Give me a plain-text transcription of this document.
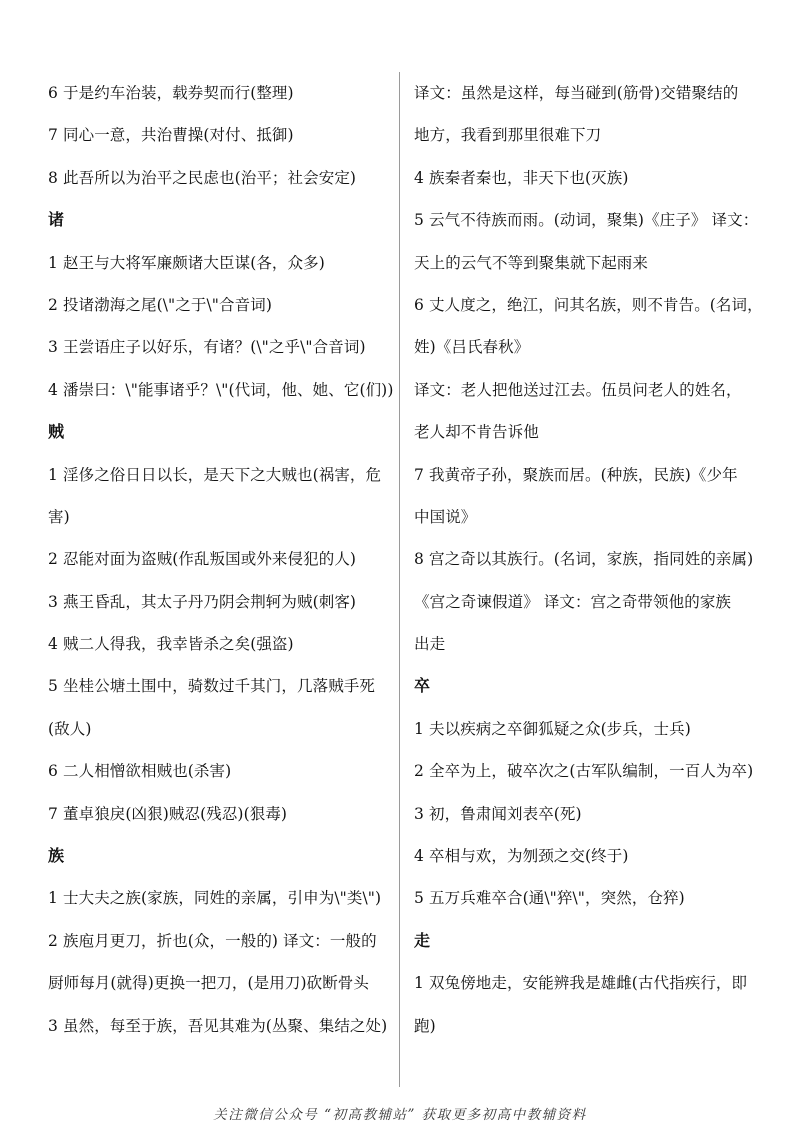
6 于是约车治装，载券契而行(整理)
7 同心一意，共治曹操(对付、抵御)
8 此吾所以为治平之民虑也(治平；社会安定)
诸
1 赵王与大将军廉颇诸大臣谋(各，众多)
2 投诸渤海之尾(\"之于\"合音词)
3 王尝语庄子以好乐，有诸？(\"之乎\"合音词)
4 潘崇曰：\"能事诸乎？\"(代词，他、她、它(们))
贼
1 淫侈之俗日日以长，是天下之大贼也(祸害，危
害)
2 忍能对面为盗贼(作乱叛国或外来侵犯的人)
3 燕王昏乱，其太子丹乃阴会荆轲为贼(刺客)
4 贼二人得我，我幸皆杀之矣(强盗)
5 坐桂公塘土围中，骑数过千其门，几落贼手死
(敌人)
6 二人相憎欲相贼也(杀害)
7 董卓狼戾(凶狠)贼忍(残忍)(狠毒)
族
1 士大夫之族(家族，同姓的亲属，引申为\"类\")
2 族庖月更刀，折也(众，一般的) 译文：一般的
厨师每月(就得)更换一把刀，(是用刀)砍断骨头
3 虽然，每至于族，吾见其难为(丛聚、集结之处)
译文：虽然是这样，每当碰到(筋骨)交错聚结的
地方，我看到那里很难下刀
4 族秦者秦也，非天下也(灭族)
5 云气不待族而雨。(动词，聚集)《庄子》 译文：
天上的云气不等到聚集就下起雨来
6 丈人度之，绝江，问其名族，则不肯告。(名词，
姓)《吕氏春秋》
译文：老人把他送过江去。伍员问老人的姓名，
老人却不肯告诉他
7 我黄帝子孙，聚族而居。(种族，民族)《少年
中国说》
8 宫之奇以其族行。(名词，家族，指同姓的亲属)
《宫之奇谏假道》 译文：宫之奇带领他的家族
出走
卒
1 夫以疾病之卒御狐疑之众(步兵，士兵)
2 全卒为上，破卒次之(古军队编制，一百人为卒)
3 初，鲁肃闻刘表卒(死)
4 卒相与欢，为刎颈之交(终于)
5 五万兵难卒合(通\"猝\"，突然，仓猝)
走
1 双兔傍地走，安能辨我是雄雌(古代指疾行，即
跑)
关注微信公众号 “初高教辅站” 获取更多初高中教辅资料
